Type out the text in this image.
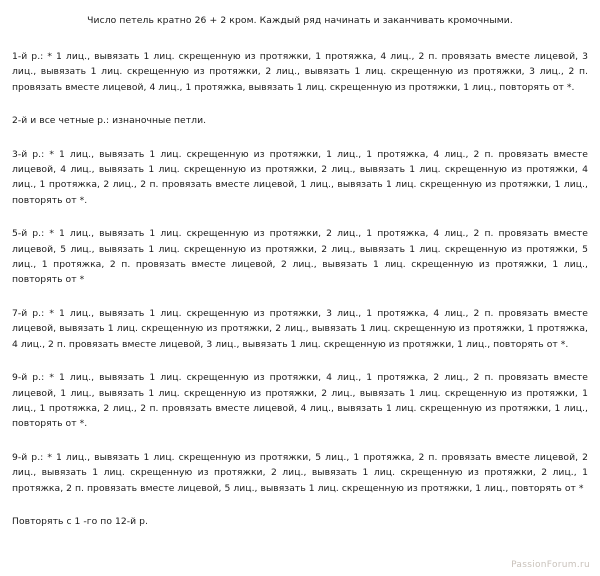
Число петель кратно 26 + 2 кром. Каждый ряд начинать и заканчивать кромочными.

1-й р.: * 1 лиц., вывязать 1 лиц. скрещенную из протяжки, 1 протяжка, 4 лиц., 2 п. провязать вместе лицевой, 3 лиц., вывязать 1 лиц. скрещенную из протяжки, 2 лиц., вывязать 1 лиц. скрещенную из протяжки, 3 лиц., 2 п. провязать вместе лицевой, 4 лиц., 1 протяжка, вывязать 1 лиц. скрещенную из протяжки, 1 лиц., повторять от *.

2-й и все четные р.: изнаночные петли.

3-й р.: * 1 лиц., вывязать 1 лиц. скрещенную из протяжки, 1 лиц., 1 протяжка, 4 лиц., 2 п. провязать вместе лицевой, 4 лиц., вывязать 1 лиц. скрещенную из протяжки, 2 лиц., вывязать 1 лиц. скрещенную из протяжки, 4 лиц., 1 протяжка, 2 лиц., 2 п. провязать вместе лицевой, 1 лиц., вывязать 1 лиц. скрещенную из протяжки, 1 лиц., повторять от *.

5-й р.: * 1 лиц., вывязать 1 лиц. скрещенную из протяжки, 2 лиц., 1 протяжка, 4 лиц., 2 п. провязать вместе лицевой, 5 лиц., вывязать 1 лиц. скрещенную из протяжки, 2 лиц., вывязать 1 лиц. скрещенную из протяжки, 5 лиц., 1 протяжка, 2 п. провязать вместе лицевой, 2 лиц., вывязать 1 лиц. скрещенную из протяжки, 1 лиц., повторять от *

7-й р.: * 1 лиц., вывязать 1 лиц. скрещенную из протяжки, 3 лиц., 1 протяжка, 4 лиц., 2 п. провязать вместе лицевой, вывязать 1 лиц. скрещенную из протяжки, 2 лиц., вывязать 1 лиц. скрещенную из протяжки, 1 протяжка, 4 лиц., 2 п. провязать вместе лицевой, 3 лиц., вывязать 1 лиц. скрещенную из протяжки, 1 лиц., повторять от *.

9-й р.: * 1 лиц., вывязать 1 лиц. скрещенную из протяжки, 4 лиц., 1 протяжка, 2 лиц., 2 п. провязать вместе лицевой, 1 лиц., вывязать 1 лиц. скрещенную из протяжки, 2 лиц., вывязать 1 лиц. скрещенную из протяжки, 1 лиц., 1 протяжка, 2 лиц., 2 п. провязать вместе лицевой, 4 лиц., вывязать 1 лиц. скрещенную из протяжки, 1 лиц., повторять от *.

9-й р.: * 1 лиц., вывязать 1 лиц. скрещенную из протяжки, 5 лиц., 1 протяжка, 2 п. провязать вместе лицевой, 2 лиц., вывязать 1 лиц. скрещенную из протяжки, 2 лиц., вывязать 1 лиц. скрещенную из протяжки, 2 лиц., 1 протяжка, 2 п. провязать вместе лицевой, 5 лиц., вывязать 1 лиц. скрещенную из протяжки, 1 лиц., повторять от *

Повторять с 1 -го по 12-й р.

PassionForum.ru
